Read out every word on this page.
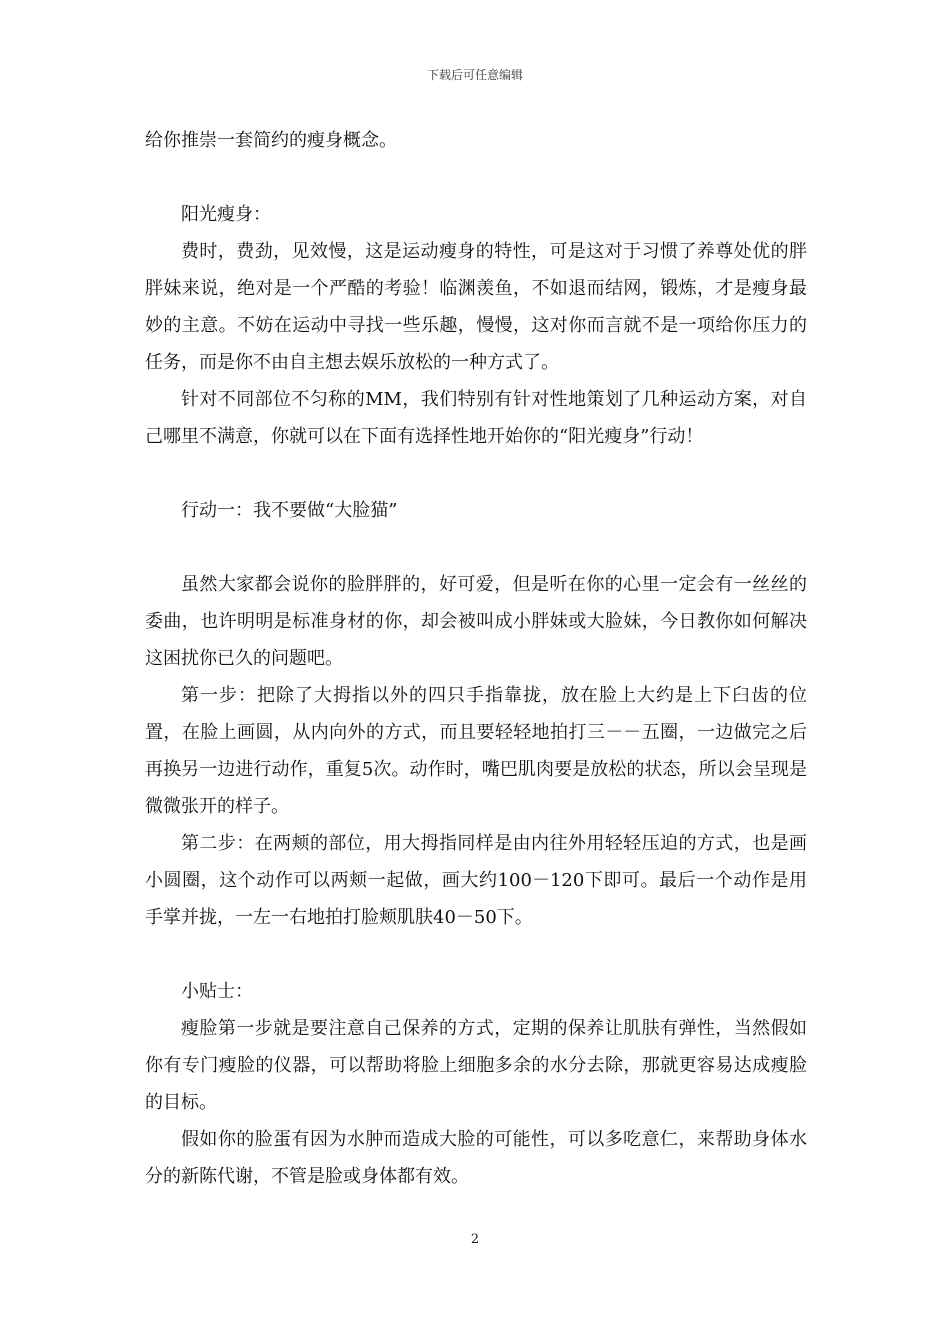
下载后可任意编辑

给你推崇一套简约的瘦身概念。

阳光瘦身：

费时，费劲，见效慢，这是运动瘦身的特性，可是这对于习惯了养尊处优的胖胖妹来说，绝对是一个严酷的考验！临渊羡鱼，不如退而结网，锻炼，才是瘦身最妙的主意。不妨在运动中寻找一些乐趣，慢慢，这对你而言就不是一项给你压力的任务，而是你不由自主想去娱乐放松的一种方式了。

针对不同部位不匀称的MM，我们特别有针对性地策划了几种运动方案，对自己哪里不满意，你就可以在下面有选择性地开始你的“阳光瘦身”行动！

行动一：我不要做“大脸猫”

虽然大家都会说你的脸胖胖的，好可爱，但是听在你的心里一定会有一丝丝的委曲，也许明明是标准身材的你，却会被叫成小胖妹或大脸妹，今日教你如何解决这困扰你已久的问题吧。

第一步：把除了大拇指以外的四只手指靠拢，放在脸上大约是上下臼齿的位置，在脸上画圆，从内向外的方式，而且要轻轻地拍打三－－五圈，一边做完之后再换另一边进行动作，重复5次。动作时，嘴巴肌肉要是放松的状态，所以会呈现是微微张开的样子。

第二步：在两颊的部位，用大拇指同样是由内往外用轻轻压迫的方式，也是画小圆圈，这个动作可以两颊一起做，画大约100－120下即可。最后一个动作是用手掌并拢，一左一右地拍打脸颊肌肤40－50下。

小贴士：

瘦脸第一步就是要注意自己保养的方式，定期的保养让肌肤有弹性，当然假如你有专门瘦脸的仪器，可以帮助将脸上细胞多余的水分去除，那就更容易达成瘦脸的目标。

假如你的脸蛋有因为水肿而造成大脸的可能性，可以多吃意仁，来帮助身体水分的新陈代谢，不管是脸或身体都有效。

2
